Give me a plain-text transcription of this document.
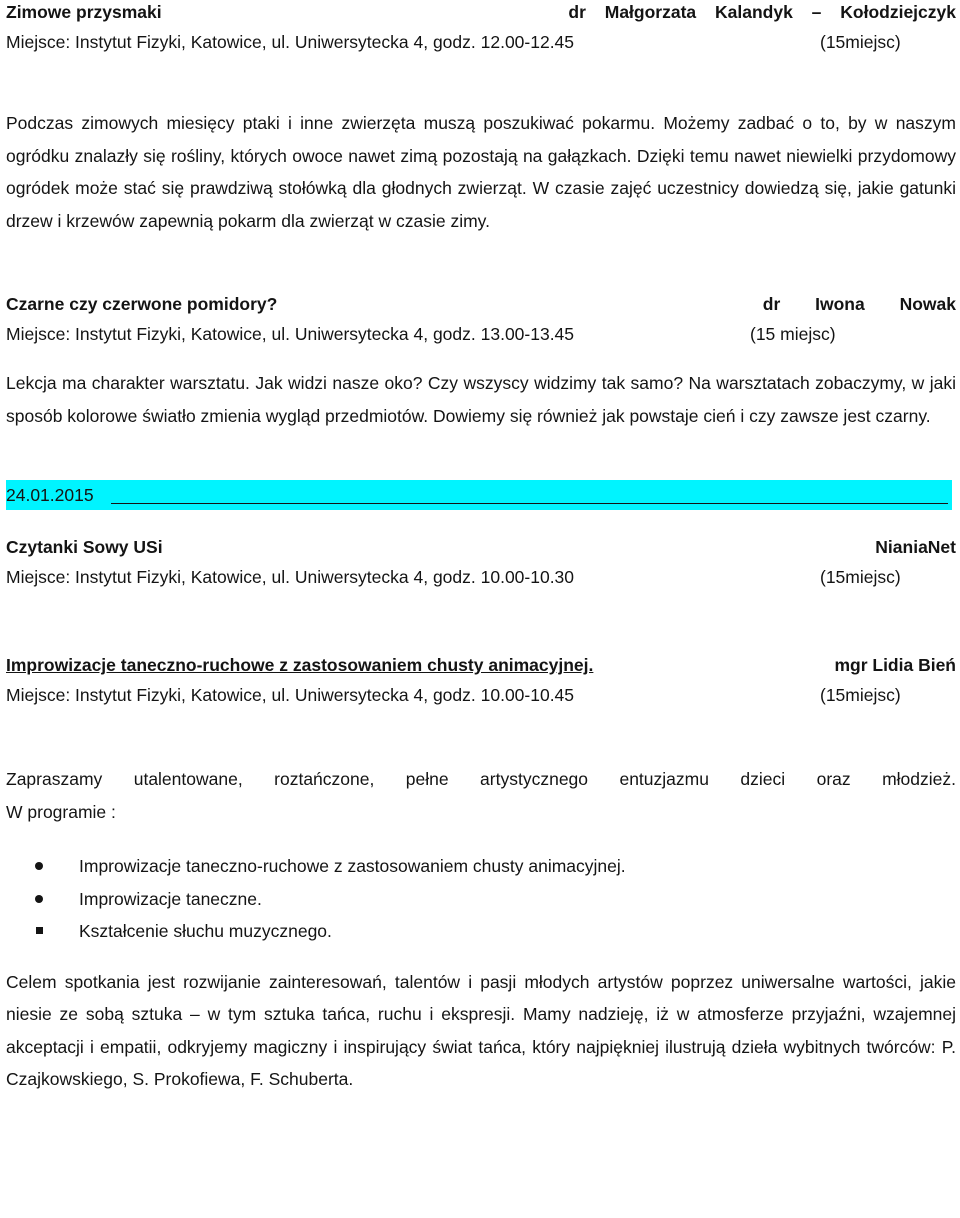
Zimowe przysmaki	dr Małgorzata Kalandyk – Kołodziejczyk
Miejsce: Instytut Fizyki, Katowice, ul. Uniwersytecka 4, godz. 12.00-12.45	(15miejsc)
Podczas zimowych miesięcy ptaki i inne zwierzęta muszą poszukiwać pokarmu. Możemy zadbać o to, by w naszym ogródku znalazły się rośliny, których owoce nawet zimą pozostają na gałązkach. Dzięki temu nawet niewielki przydomowy ogródek może stać się prawdziwą stołówką dla głodnych zwierząt. W czasie zajęć uczestnicy dowiedzą się, jakie gatunki drzew i krzewów zapewnią pokarm dla zwierząt w czasie zimy.
Czarne czy czerwone pomidory?	dr Iwona Nowak
Miejsce: Instytut Fizyki, Katowice, ul. Uniwersytecka 4, godz. 13.00-13.45	(15 miejsc)
Lekcja ma charakter warsztatu. Jak widzi nasze oko? Czy wszyscy widzimy tak samo? Na warsztatach zobaczymy, w jaki sposób kolorowe światło zmienia wygląd przedmiotów. Dowiemy się również jak powstaje cień i czy zawsze jest czarny.
24.01.2015
Czytanki Sowy USi	NianiaNet
Miejsce: Instytut Fizyki, Katowice, ul. Uniwersytecka 4, godz. 10.00-10.30	(15miejsc)
Improwizacje taneczno-ruchowe z zastosowaniem chusty animacyjnej.	mgr Lidia Bień
Miejsce: Instytut Fizyki, Katowice, ul. Uniwersytecka 4, godz. 10.00-10.45	(15miejsc)
Zapraszamy utalentowane, roztańczone, pełne artystycznego entuzjazmu dzieci oraz młodzież.
W programie :
Improwizacje taneczno-ruchowe z zastosowaniem chusty animacyjnej.
Improwizacje taneczne.
Kształcenie słuchu muzycznego.
Celem spotkania jest rozwijanie zainteresowań, talentów i pasji młodych artystów poprzez uniwersalne wartości, jakie niesie ze sobą sztuka – w tym sztuka tańca, ruchu i ekspresji. Mamy nadzieję, iż w atmosferze przyjaźni, wzajemnej akceptacji i empatii, odkryjemy magiczny i inspirujący świat tańca, który najpiękniej ilustrują dzieła wybitnych twórców: P. Czajkowskiego, S. Prokofiewa, F. Schuberta.
